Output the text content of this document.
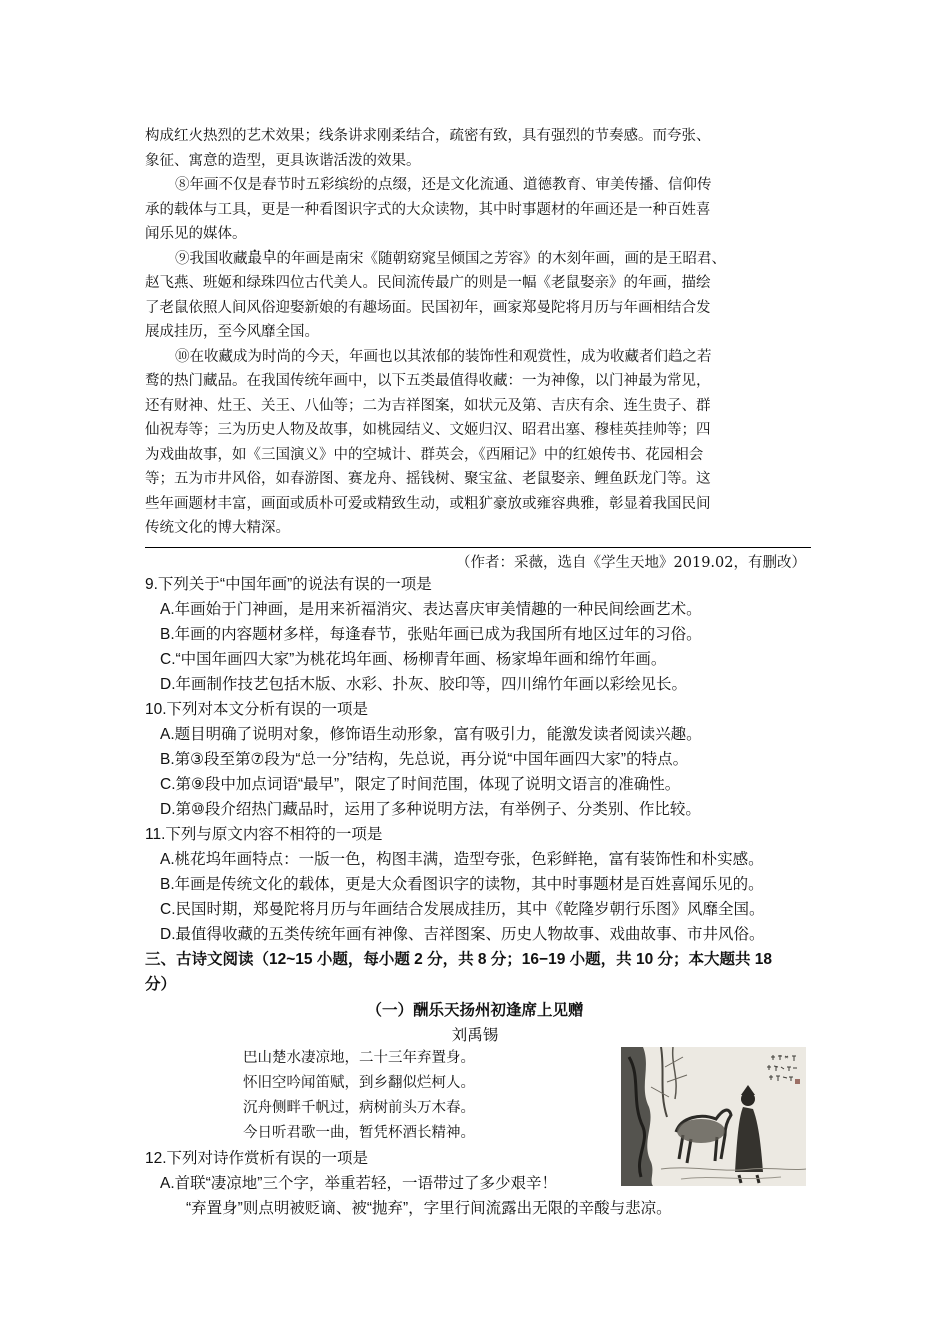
构成红火热烈的艺术效果；线条讲求刚柔结合，疏密有致，具有强烈的节奏感。而夸张、
象征、寓意的造型，更具诙谐活泼的效果。
⑧年画不仅是春节时五彩缤纷的点缀，还是文化流通、道德教育、审美传播、信仰传
承的载体与工具，更是一种看图识字式的大众读物，其中时事题材的年画还是一种百姓喜
闻乐见的媒体。
⑨我国收藏最早的年画是南宋《随朝窈窕呈倾国之芳容》的木刻年画，画的是王昭君、
赵飞燕、班姬和绿珠四位古代美人。民间流传最广的则是一幅《老鼠娶亲》的年画，描绘
了老鼠依照人间风俗迎娶新娘的有趣场面。民国初年，画家郑曼陀将月历与年画相结合发
展成挂历，至今风靡全国。
⑩在收藏成为时尚的今天，年画也以其浓郁的装饰性和观赏性，成为收藏者们趋之若
鹜的热门藏品。在我国传统年画中，以下五类最值得收藏：一为神像，以门神最为常见，
还有财神、灶王、关王、八仙等；二为吉祥图案，如状元及第、吉庆有余、连生贵子、群
仙祝寿等；三为历史人物及故事，如桃园结义、文姬归汉、昭君出塞、穆桂英挂帅等；四
为戏曲故事，如《三国演义》中的空城计、群英会，《西厢记》中的红娘传书、花园相会
等；五为市井风俗，如春游图、赛龙舟、摇钱树、聚宝盆、老鼠娶亲、鲤鱼跃龙门等。这
些年画题材丰富，画面或质朴可爱或精致生动，或粗犷豪放或雍容典雅，彰显着我国民间
传统文化的博大精深。
（作者：采薇，选自《学生天地》2019.02，有删改）
9.下列关于“中国年画”的说法有误的一项是
A.年画始于门神画，是用来祈福消灾、表达喜庆审美情趣的一种民间绘画艺术。
B.年画的内容题材多样，每逢春节，张贴年画已成为我国所有地区过年的习俗。
C.“中国年画四大家”为桃花坞年画、杨柳青年画、杨家埠年画和绵竹年画。
D.年画制作技艺包括木版、水彩、扑灰、胶印等，四川绵竹年画以彩绘见长。
10.下列对本文分析有误的一项是
A.题目明确了说明对象，修饰语生动形象，富有吸引力，能激发读者阅读兴趣。
B.第③段至第⑦段为“总一分”结构，先总说，再分说“中国年画四大家”的特点。
C.第⑨段中加点词语“最早”，限定了时间范围，体现了说明文语言的准确性。
D.第⑩段介绍热门藏品时，运用了多种说明方法，有举例子、分类别、作比较。
11.下列与原文内容不相符的一项是
A.桃花坞年画特点：一版一色，构图丰满，造型夸张，色彩鲜艳，富有装饰性和朴实感。
B.年画是传统文化的载体，更是大众看图识字的读物，其中时事题材是百姓喜闻乐见的。
C.民国时期，郑曼陀将月历与年画结合发展成挂历，其中《乾隆岁朝行乐图》风靡全国。
D.最值得收藏的五类传统年画有神像、吉祥图案、历史人物故事、戏曲故事、市井风俗。
三、古诗文阅读（12~15 小题，每小题 2 分，共 8 分；16−19 小题，共 10 分；本大题共 18
分）
（一）酬乐天扬州初逢席上见赠
刘禹锡
巴山楚水凄凉地，二十三年弃置身。
怀旧空吟闻笛赋，到乡翻似烂柯人。
沉舟侧畔千帆过，病树前头万木春。
今日听君歌一曲，暂凭杯酒长精神。
12.下列对诗作赏析有误的一项是
A.首联“凄凉地”三个字，举重若轻，一语带过了多少艰辛！
“弃置身”则点明被贬谪、被“抛弃”，字里行间流露出无限的辛酸与悲凉。
